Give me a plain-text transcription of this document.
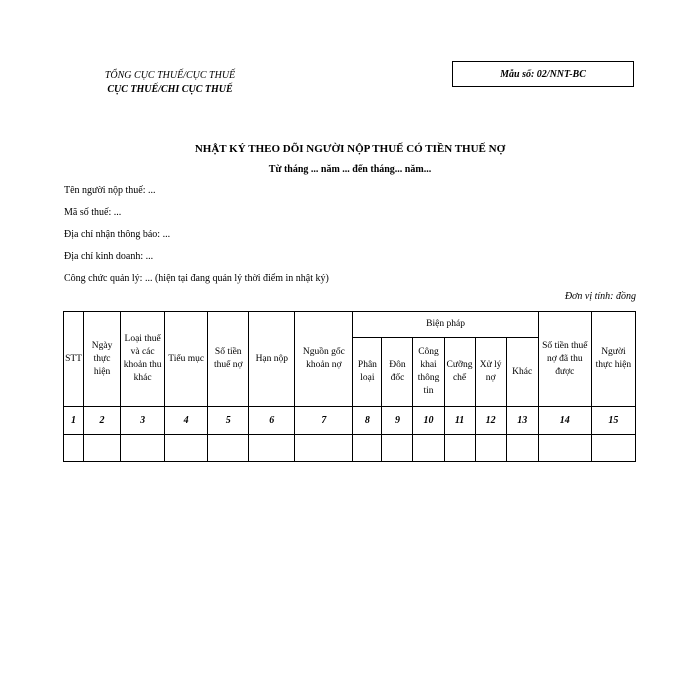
TỔNG CỤC THUẾ/CỤC THUẾ
CỤC THUẾ/CHI CỤC THUẾ
Mẫu số: 02/NNT-BC
NHẬT KÝ THEO DÕI NGƯỜI NỘP THUẾ CÓ TIỀN THUẾ NỢ
Từ tháng ... năm ... đến tháng... năm...
Tên người nộp thuế: ...
Mã số thuế: ...
Địa chỉ nhận thông báo: ...
Địa chỉ kinh doanh: ...
Công chức quản lý: ... (hiện tại đang quản lý thời điểm in nhật ký)
Đơn vị tính: đồng
STT	Ngày thực hiện	Loại thuế và các khoản thu khác	Tiểu mục	Số tiền thuế nợ	Hạn nộp	Nguồn gốc khoản nợ	Biện pháp						Số tiền thuế nợ đã thu được	Người thực hiện
							Phân loại	Đôn đốc	Công khai thông tin	Cưỡng chế	Xử lý nợ	Khác		
1	2	3	4	5	6	7	8	9	10	11	12	13	14	15
